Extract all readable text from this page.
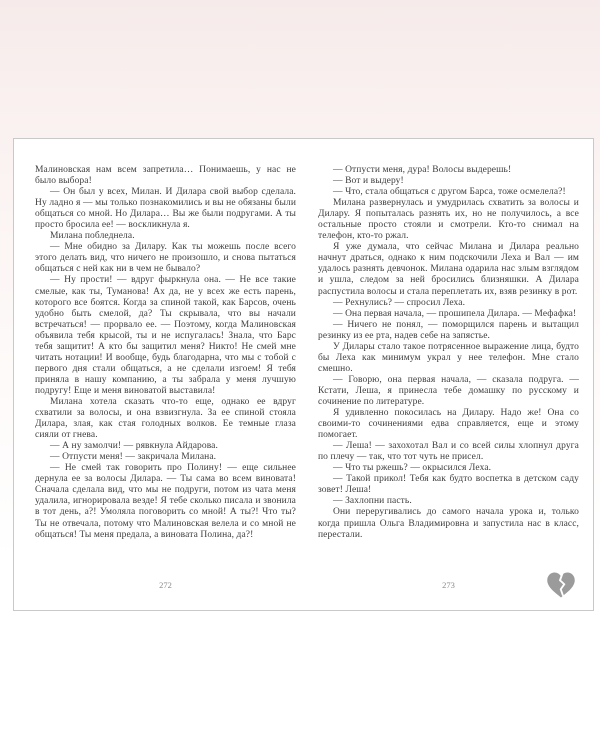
Малиновская нам всем запретила… Понимаешь, у нас не было выбора!

— Он был у всех, Милан. И Дилара свой выбор сделала. Ну ладно я — мы только познакомились и вы не обязаны были общаться со мной. Но Дилара… Вы же были подругами. А ты просто бросила ее! — воскликнула я.

Милана побледнела.

— Мне обидно за Дилару. Как ты можешь после всего этого делать вид, что ничего не произошло, и снова пытаться общаться с ней как ни в чем не бывало?

— Ну прости! — вдруг фыркнула она. — Не все такие смелые, как ты, Туманова! Ах да, не у всех же есть парень, которого все боятся. Когда за спиной такой, как Барсов, очень удобно быть смелой, да? Ты скрывала, что вы начали встречаться! — прорвало ее. — Поэтому, когда Малиновская объявила тебя крысой, ты и не испугалась! Знала, что Барс тебя защитит! А кто бы защитил меня? Никто! Не смей мне читать нотации! И вообще, будь благодарна, что мы с тобой с первого дня стали общаться, а не сделали изгоем! Я тебя приняла в нашу компанию, а ты забрала у меня лучшую подругу! Еще и меня виноватой выставила!

Милана хотела сказать что-то еще, однако ее вдруг схватили за волосы, и она взвизгнула. За ее спиной стояла Дилара, злая, как стая голодных волков. Ее темные глаза сияли от гнева.

— А ну замолчи! — рявкнула Айдарова.

— Отпусти меня! — закричала Милана.

— Не смей так говорить про Полину! — еще сильнее дернула ее за волосы Дилара. — Ты сама во всем виновата! Сначала сделала вид, что мы не подруги, потом из чата меня удалила, игнорировала везде! Я тебе сколько писала и звонила в тот день, а?! Умоляла поговорить со мной! А ты?! Что ты? Ты не отвечала, потому что Малиновская велела и со мной не общаться! Ты меня предала, а виновата Полина, да?!

— Отпусти меня, дура! Волосы выдерешь!

— Вот и выдеру!

— Что, стала общаться с другом Барса, тоже осмелела?!

Милана развернулась и умудрилась схватить за волосы и Дилару. Я попыталась разнять их, но не получилось, а все остальные просто стояли и смотрели. Кто-то снимал на телефон, кто-то ржал.

Я уже думала, что сейчас Милана и Дилара реально начнут драться, однако к ним подскочили Леха и Вал — им удалось разнять девчонок. Милана одарила нас злым взглядом и ушла, следом за ней бросились близняшки. А Дилара распустила волосы и стала переплетать их, взяв резинку в рот.

— Рехнулись? — спросил Леха.

— Она первая начала, — прошипела Дилара. — Мефафка!

— Ничего не понял, — поморщился парень и вытащил резинку из ее рта, надев себе на запястье.

У Дилары стало такое потрясенное выражение лица, будто бы Леха как минимум украл у нее телефон. Мне стало смешно.

— Говорю, она первая начала, — сказала подруга. — Кстати, Леша, я принесла тебе домашку по русскому и сочинение по литературе.

Я удивленно покосилась на Дилару. Надо же! Она со своими-то сочинениями едва справляется, еще и этому помогает.

— Леша! — захохотал Вал и со всей силы хлопнул друга по плечу — так, что тот чуть не присел.

— Что ты ржешь? — окрысился Леха.

— Такой прикол! Тебя как будто воспетка в детском саду зовет! Леша!

— Захлопни пасть.

Они переругивались до самого начала урока и, только когда пришла Ольга Владимировна и запустила нас в класс, перестали.

272	273
